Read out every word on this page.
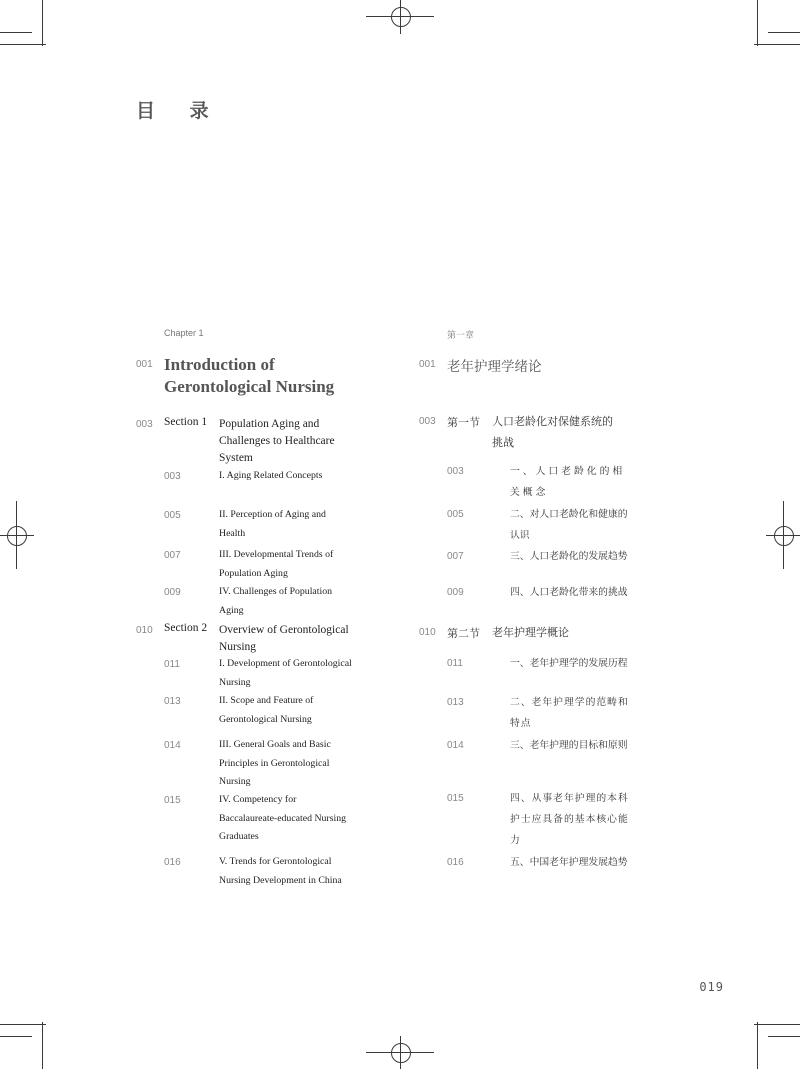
目 录
Chapter 1
001 Introduction of Gerontological Nursing
003 Section 1 Population Aging and Challenges to Healthcare System
003	I. Aging Related Concepts
005	II. Perception of Aging and Health
007	III. Developmental Trends of Population Aging
009	IV. Challenges of Population Aging
010 Section 2 Overview of Gerontological Nursing
011	I. Development of Gerontological Nursing
013	II. Scope and Feature of Gerontological Nursing
014	III. General Goals and Basic Principles in Gerontological Nursing
015	IV. Competency for Baccalaureate-educated Nursing Graduates
016	V. Trends for Gerontological Nursing Development in China
第一章
001 老年护理学绪论
003 第一节 人口老龄化对保健系统的挑战
003	一、人口老龄化的相关概念
005	二、对人口老龄化和健康的认识
007	三、人口老龄化的发展趋势
009	四、人口老龄化带来的挑战
010 第二节 老年护理学概论
011	一、老年护理学的发展历程
013	二、老年护理学的范畴和特点
014	三、老年护理的目标和原则
015	四、从事老年护理的本科护士应具备的基本核心能力
016	五、中国老年护理发展趋势
019
